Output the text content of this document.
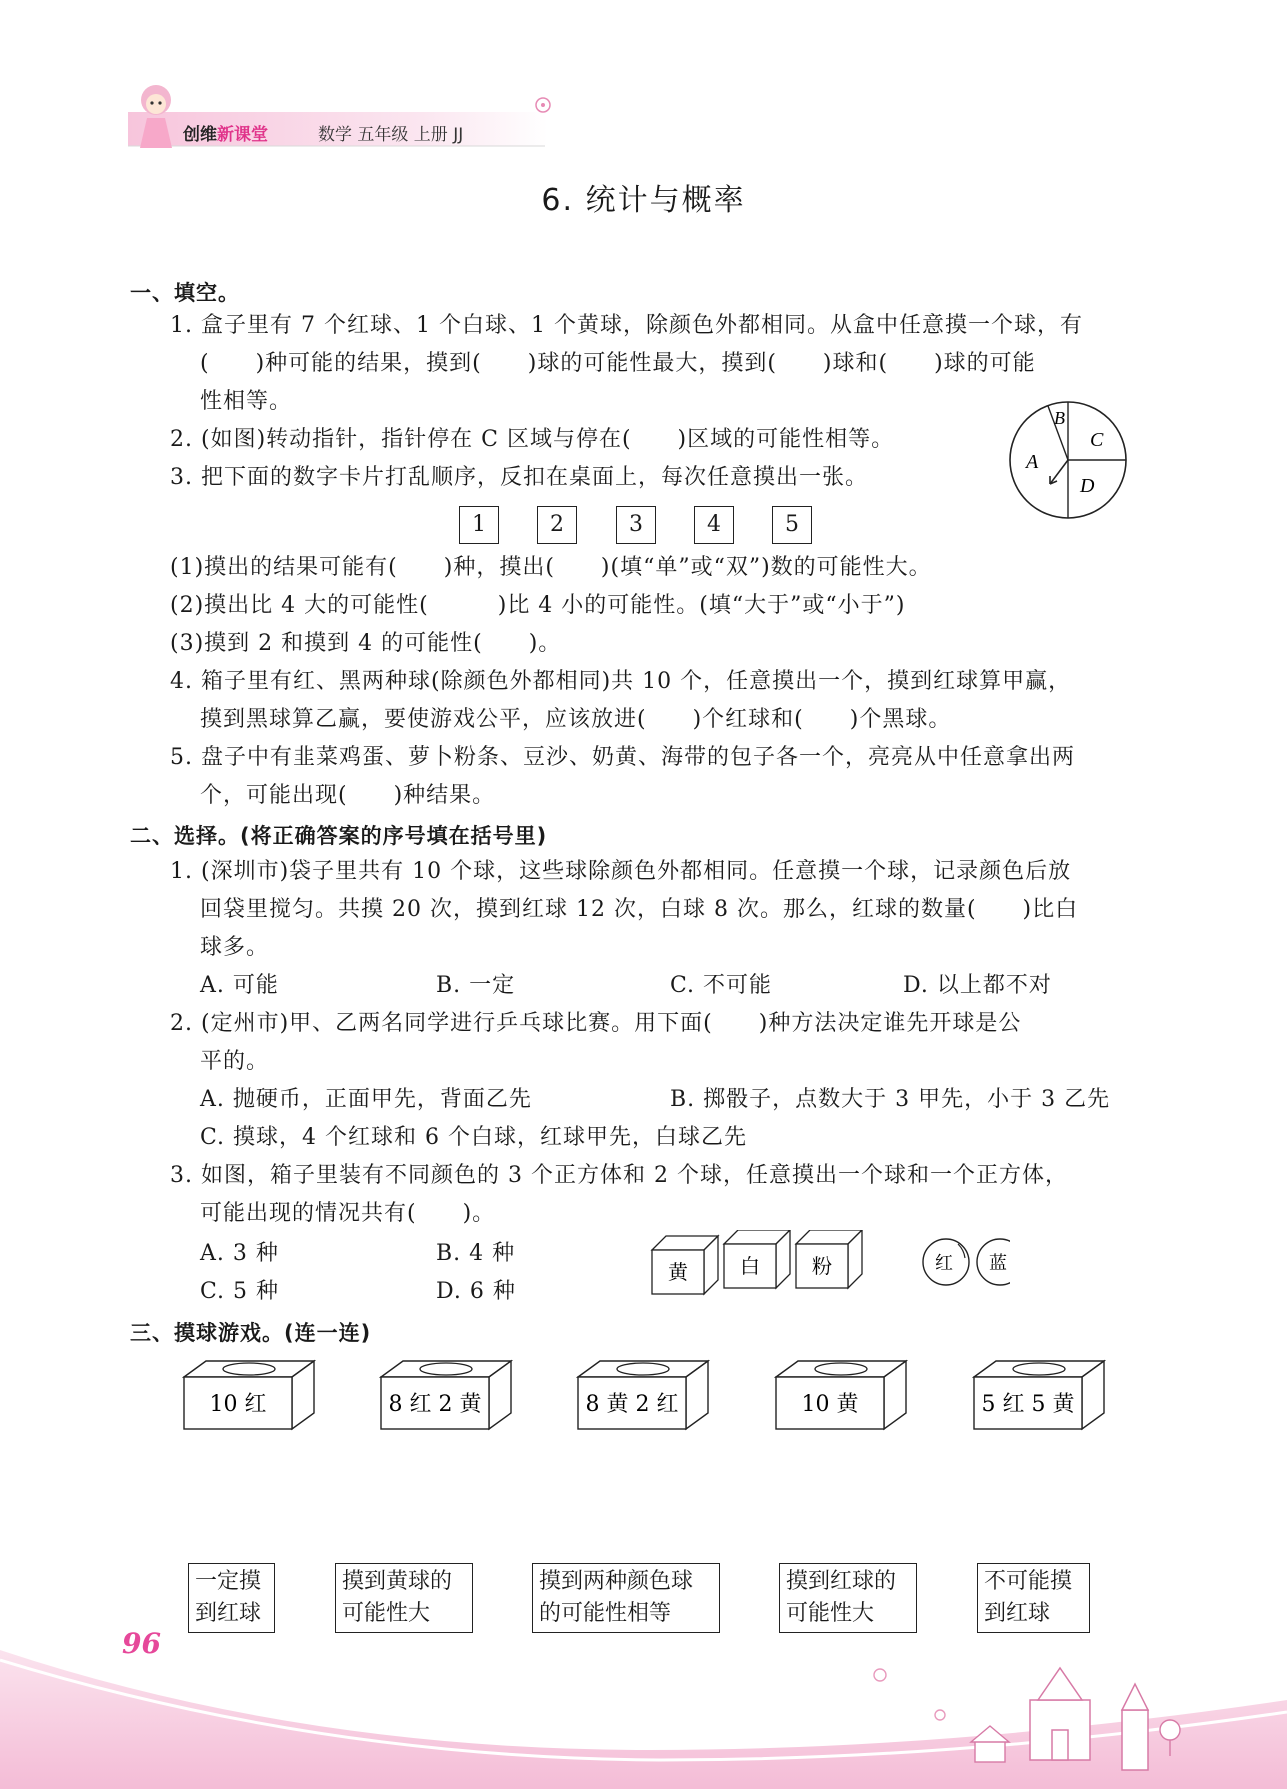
创维新课堂	数学 五年级 上册 JJ
6. 统计与概率
一、填空。
1. 盒子里有 7 个红球、1 个白球、1 个黄球，除颜色外都相同。从盒中任意摸一个球，有
(　　)种可能的结果，摸到(　　)球的可能性最大，摸到(　　)球和(　　)球的可能
性相等。
2. (如图)转动指针，指针停在 C 区域与停在(　　)区域的可能性相等。
3. 把下面的数字卡片打乱顺序，反扣在桌面上，每次任意摸出一张。
B
C
A
D
1	2	3	4	5
(1)摸出的结果可能有(　　)种，摸出(　　)(填“单”或“双”)数的可能性大。
(2)摸出比 4 大的可能性(　　　)比 4 小的可能性。(填“大于”或“小于”)
(3)摸到 2 和摸到 4 的可能性(　　)。
4. 箱子里有红、黑两种球(除颜色外都相同)共 10 个，任意摸出一个，摸到红球算甲赢，
摸到黑球算乙赢，要使游戏公平，应该放进(　　)个红球和(　　)个黑球。
5. 盘子中有韭菜鸡蛋、萝卜粉条、豆沙、奶黄、海带的包子各一个，亮亮从中任意拿出两
个，可能出现(　　)种结果。
二、选择。(将正确答案的序号填在括号里)
1. (深圳市)袋子里共有 10 个球，这些球除颜色外都相同。任意摸一个球，记录颜色后放
回袋里搅匀。共摸 20 次，摸到红球 12 次，白球 8 次。那么，红球的数量(　　)比白
球多。
A. 可能	B. 一定	C. 不可能	D. 以上都不对
2. (定州市)甲、乙两名同学进行乒乓球比赛。用下面(　　)种方法决定谁先开球是公
平的。
A. 抛硬币，正面甲先，背面乙先	B. 掷骰子，点数大于 3 甲先，小于 3 乙先
C. 摸球，4 个红球和 6 个白球，红球甲先，白球乙先
3. 如图，箱子里装有不同颜色的 3 个正方体和 2 个球，任意摸出一个球和一个正方体，
可能出现的情况共有(　　)。
A. 3 种	B. 4 种
C. 5 种	D. 6 种
黄	白	粉	红 蓝
三、摸球游戏。(连一连)
10 红	8 红 2 黄	8 黄 2 红	10 黄	5 红 5 黄
一定摸
到红球
摸到黄球的
可能性大
摸到两种颜色球
的可能性相等
摸到红球的
可能性大
不可能摸
到红球
96
